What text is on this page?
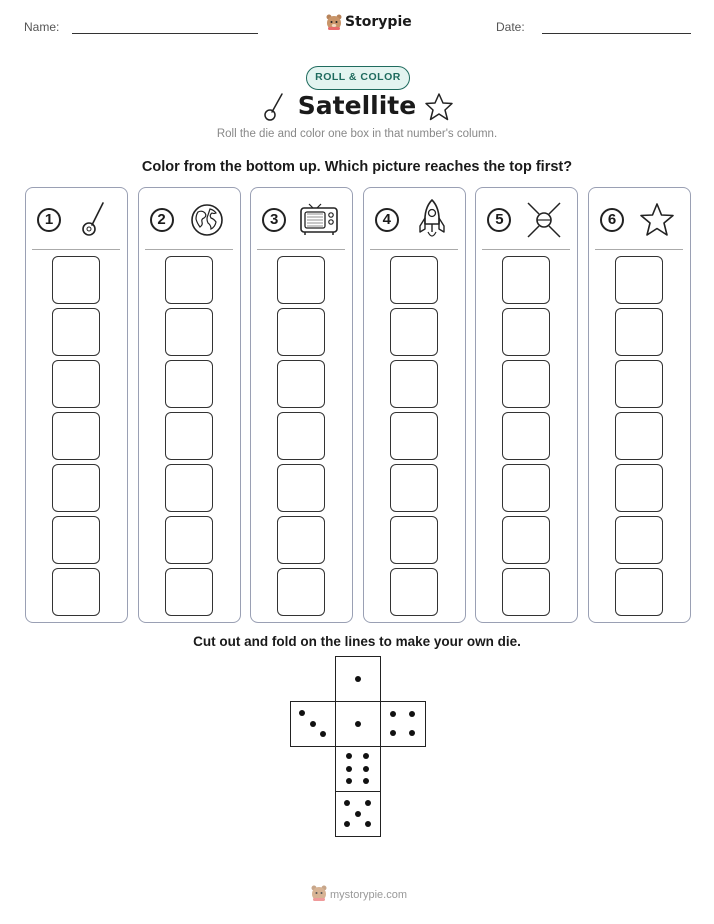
Name:	Storypie	Date:
ROLL & COLOR
Satellite
Roll the die and color one box in that number's column.
Color from the bottom up. Which picture reaches the top first?
1	2	3	4	5	6
Cut out and fold on the lines to make your own die.
mystorypie.com
